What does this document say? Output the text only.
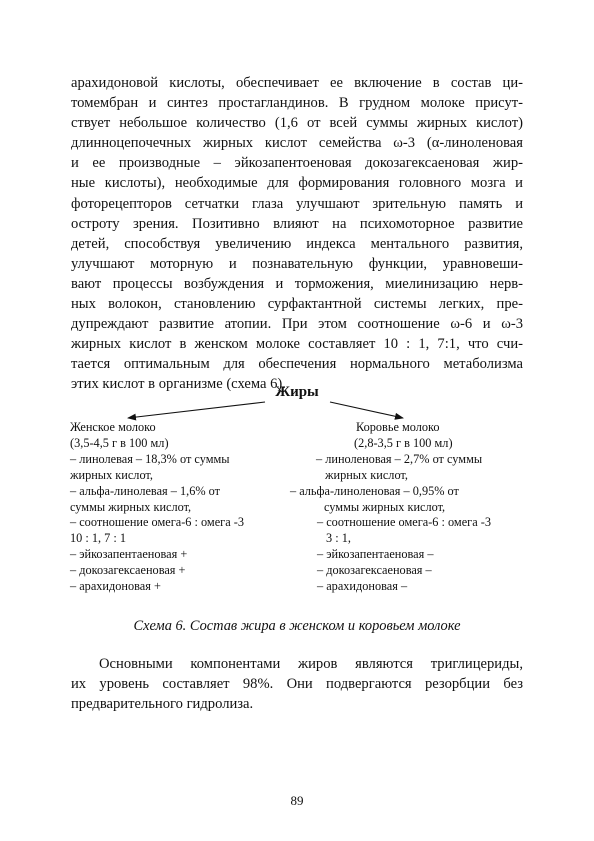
арахидоновой кислоты, обеспечивает ее включение в состав ци-
томембран и синтез простагландинов. В грудном молоке присут-
ствует небольшое количество (1,6 от всей суммы жирных кислот)
длинноцепочечных жирных кислот семейства ω-3 (α-линоленовая
и ее производные – эйкозапентоеновая докозагексаеновая жир-
ные кислоты), необходимые для формирования головного мозга и
фоторецепторов сетчатки глаза улучшают зрительную память и
остроту зрения. Позитивно влияют на психомоторное развитие
детей, способствуя увеличению индекса ментального развития,
улучшают моторную и познавательную функции, уравновеши-
вают процессы возбуждения и торможения, миелинизацию нерв-
ных волокон, становлению сурфактантной системы легких, пре-
дупреждают развитие атопии. При этом соотношение ω-6 и ω-3
жирных кислот в женском молоке составляет 10 : 1, 7:1, что счи-
тается оптимальным для обеспечения нормального метаболизма
этих кислот в организме (схема 6).
Жиры
Женское молоко
(3,5-4,5 г в 100 мл)
– линолевая – 18,3% от суммы
жирных кислот,
– альфа-линолевая – 1,6% от
суммы жирных кислот,
– соотношение омега-6 : омега -3
10 : 1, 7 : 1
– эйкозапентаеновая +
– докозагексаеновая +
– арахидоновая +
Коровье молоко
(2,8-3,5 г в 100 мл)
– линоленовая – 2,7% от суммы
жирных кислот,
– альфа-линоленовая – 0,95% от
суммы жирных кислот,
– соотношение омега-6 : омега -3
3 : 1,
– эйкозапентаеновая –
– докозагексаеновая –
– арахидоновая –
Схема 6. Состав жира в женском и коровьем молоке
Основными компонентами жиров являются триглицериды,
их уровень составляет 98%. Они подвергаются резорбции без
предварительного гидролиза.
89
